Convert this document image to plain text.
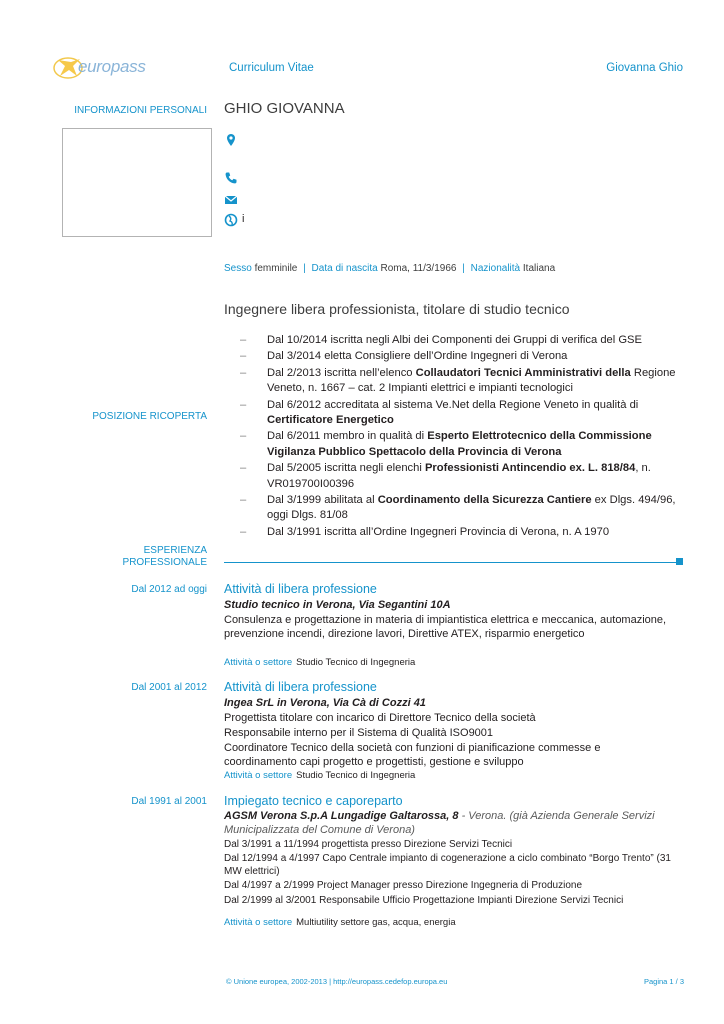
europass	Curriculum Vitae	Giovanna Ghio
INFORMAZIONI PERSONALI GHIO GIOVANNA
i
Sesso femminile | Data di nascita Roma, 11/3/1966 | Nazionalità Italiana
Ingegnere libera professionista, titolare di studio tecnico
POSIZIONE RICOPERTA
– Dal 10/2014 iscritta negli Albi dei Componenti dei Gruppi di verifica del GSE
– Dal 3/2014 eletta Consigliere dell’Ordine Ingegneri di Verona
– Dal 2/2013 iscritta nell’elenco Collaudatori Tecnici Amministrativi della Regione Veneto, n. 1667 – cat. 2 Impianti elettrici e impianti tecnologici
– Dal 6/2012 accreditata al sistema Ve.Net della Regione Veneto in qualità di Certificatore Energetico
– Dal 6/2011 membro in qualità di Esperto Elettrotecnico della Commissione Vigilanza Pubblico Spettacolo della Provincia di Verona
– Dal 5/2005 iscritta negli elenchi Professionisti Antincendio ex. L. 818/84, n. VR019700I00396
– Dal 3/1999 abilitata al Coordinamento della Sicurezza Cantiere ex Dlgs. 494/96, oggi Dlgs. 81/08
– Dal 3/1991 iscritta all’Ordine Ingegneri Provincia di Verona, n. A 1970
ESPERIENZA
PROFESSIONALE
Dal 2012 ad oggi Attività di libera professione
Studio tecnico in Verona, Via Segantini 10A
Consulenza e progettazione in materia di impiantistica elettrica e meccanica, automazione, prevenzione incendi, direzione lavori, Direttive ATEX, risparmio energetico
Attività o settore Studio Tecnico di Ingegneria
Dal 2001 al 2012 Attività di libera professione
Ingea SrL in Verona, Via Cà di Cozzi 41
Progettista titolare con incarico di Direttore Tecnico della società
Responsabile interno per il Sistema di Qualità ISO9001
Coordinatore Tecnico della società con funzioni di pianificazione commesse e coordinamento capi progetto e progettisti, gestione e sviluppo
Attività o settore Studio Tecnico di Ingegneria
Dal 1991 al 2001 Impiegato tecnico e caporeparto
AGSM Verona S.p.A Lungadige Galtarossa, 8 - Verona. (già Azienda Generale Servizi Municipalizzata del Comune di Verona)
Dal 3/1991 a 11/1994 progettista presso Direzione Servizi Tecnici
Dal 12/1994 a 4/1997 Capo Centrale impianto di cogenerazione a ciclo combinato “Borgo Trento” (31 MW elettrici)
Dal 4/1997 a 2/1999 Project Manager presso Direzione Ingegneria di Produzione
Dal 2/1999 al 3/2001 Responsabile Ufficio Progettazione Impianti Direzione Servizi Tecnici
Attività o settore Multiutility settore gas, acqua, energia
© Unione europea, 2002-2013 | http://europass.cedefop.europa.eu	Pagina 1 / 3
